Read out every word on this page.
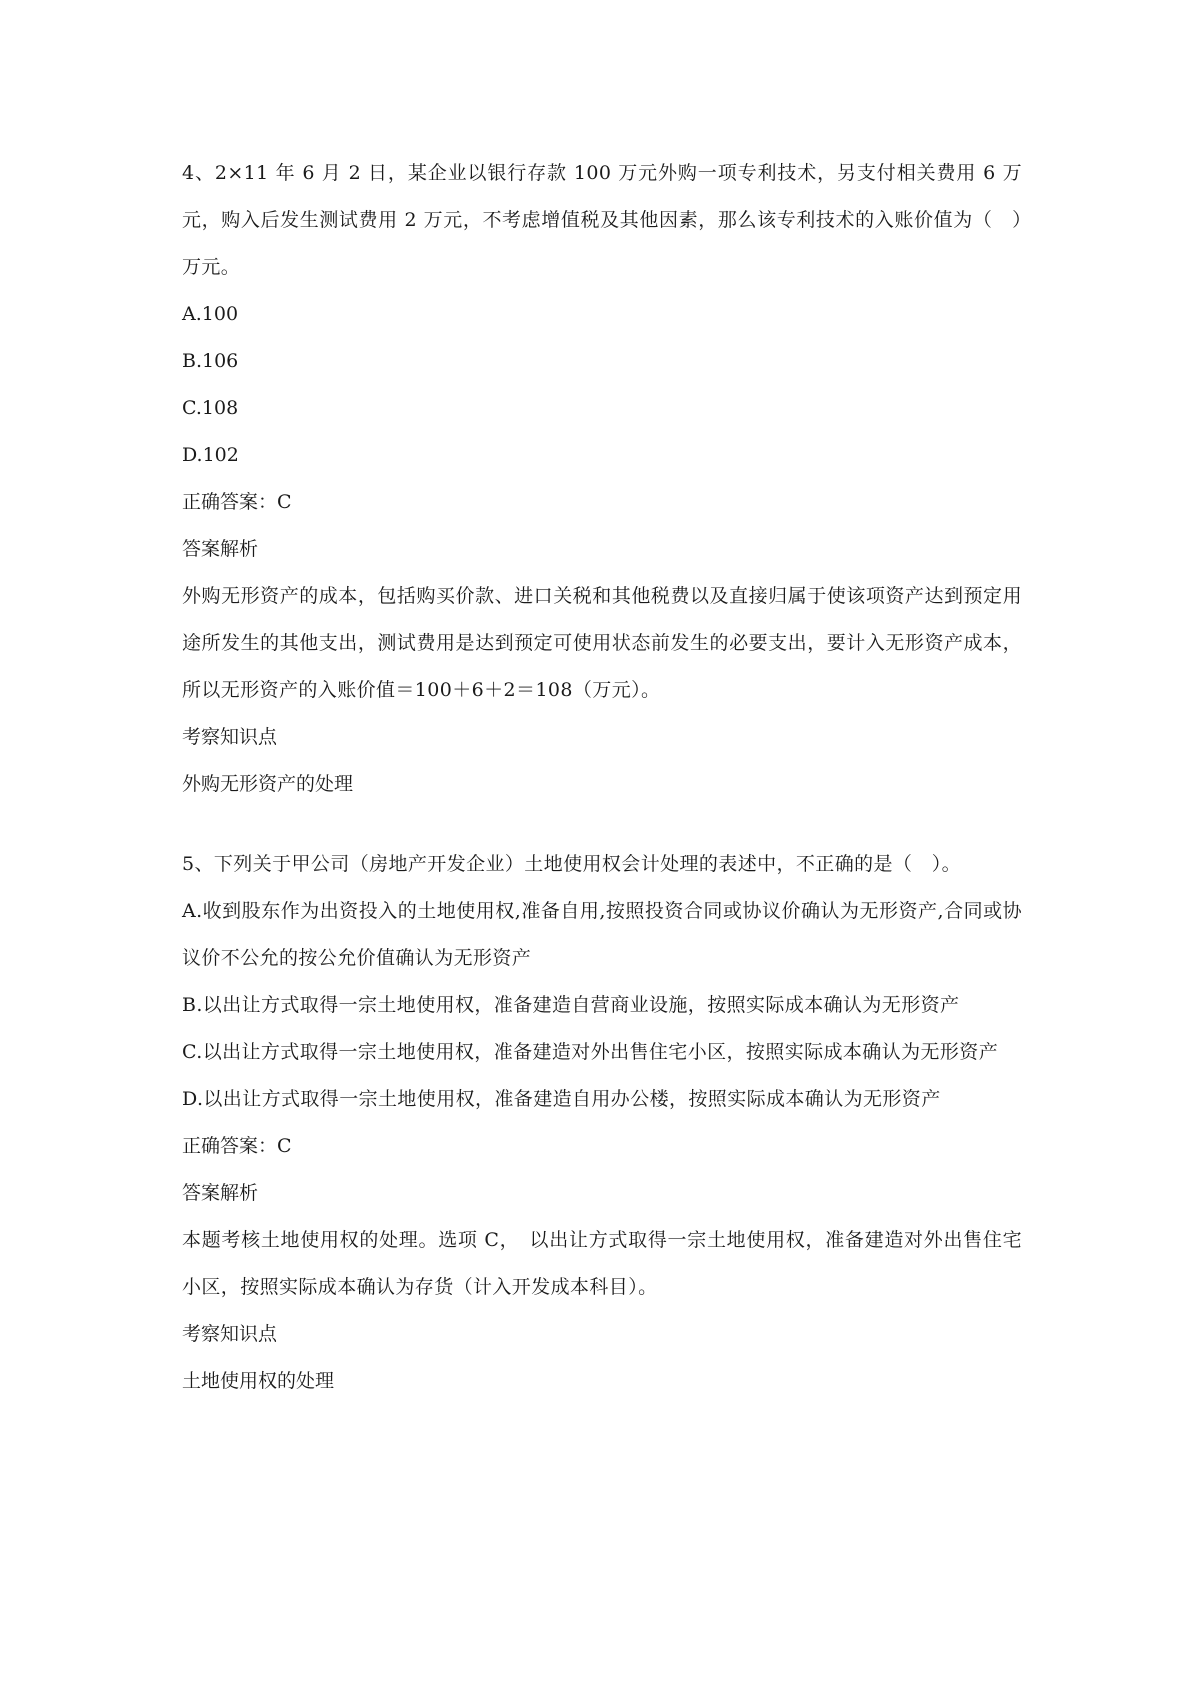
4、2×11 年 6 月 2 日，某企业以银行存款 100 万元外购一项专利技术，另支付相关费用 6 万元，购入后发生测试费用 2 万元，不考虑增值税及其他因素，那么该专利技术的入账价值为（　）万元。

A.100

B.106

C.108

D.102

正确答案：C

答案解析

外购无形资产的成本，包括购买价款、进口关税和其他税费以及直接归属于使该项资产达到预定用途所发生的其他支出，测试费用是达到预定可使用状态前发生的必要支出，要计入无形资产成本，所以无形资产的入账价值＝100＋6＋2＝108（万元）。

考察知识点

外购无形资产的处理

5、下列关于甲公司（房地产开发企业）土地使用权会计处理的表述中，不正确的是（　）。

A.收到股东作为出资投入的土地使用权,准备自用,按照投资合同或协议价确认为无形资产,合同或协议价不公允的按公允价值确认为无形资产

B.以出让方式取得一宗土地使用权，准备建造自营商业设施，按照实际成本确认为无形资产

C.以出让方式取得一宗土地使用权，准备建造对外出售住宅小区，按照实际成本确认为无形资产

D.以出让方式取得一宗土地使用权，准备建造自用办公楼，按照实际成本确认为无形资产

正确答案：C

答案解析

本题考核土地使用权的处理。选项 C，　以出让方式取得一宗土地使用权，准备建造对外出售住宅小区，按照实际成本确认为存货（计入开发成本科目）。

考察知识点

土地使用权的处理
